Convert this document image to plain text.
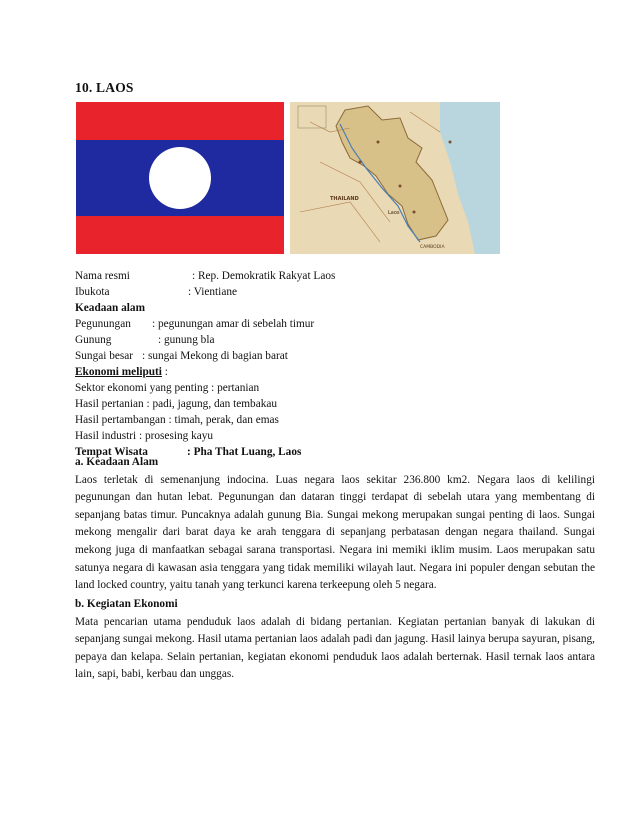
10. LAOS
THAILAND
Laos
CAMBODIA
Nama resmi	: Rep. Demokratik Rakyat Laos
Ibukota	: Vientiane
Keadaan alam
Pegunungan : pegunungan amar di sebelah timur
Gunung	: gunung bla
Sungai besar : sungai Mekong di bagian barat
Ekonomi meliputi :
Sektor ekonomi yang penting : pertanian
Hasil pertanian : padi, jagung, dan tembakau
Hasil pertambangan : timah, perak, dan emas
Hasil industri : prosesing kayu
Tempat Wisata	: Pha That Luang, Laos
a. Keadaan Alam
Laos terletak di semenanjung indocina. Luas negara laos sekitar 236.800 km2. Negara laos di kelilingi pegunungan dan hutan lebat. Pegunungan dan dataran tinggi terdapat di sebelah utara yang membentang di sepanjang batas timur. Puncaknya adalah gunung Bia. Sungai mekong merupakan sungai penting di laos. Sungai mekong mengalir dari barat daya ke arah tenggara di sepanjang perbatasan dengan negara thailand. Sungai mekong juga di manfaatkan sebagai sarana transportasi. Negara ini memiki iklim musim. Laos merupakan satu satunya negara di kawasan asia tenggara yang tidak memiliki wilayah laut. Negara ini populer dengan sebutan the land locked country, yaitu tanah yang terkunci karena terkeepung oleh 5 negara.
b. Kegiatan Ekonomi
Mata pencarian utama penduduk laos adalah di bidang pertanian. Kegiatan pertanian banyak di lakukan di sepanjang sungai mekong. Hasil utama pertanian laos adalah padi dan jagung. Hasil lainya berupa sayuran, pisang, pepaya dan kelapa. Selain pertanian, kegiatan ekonomi penduduk laos adalah berternak. Hasil ternak laos antara lain, sapi, babi, kerbau dan unggas.
